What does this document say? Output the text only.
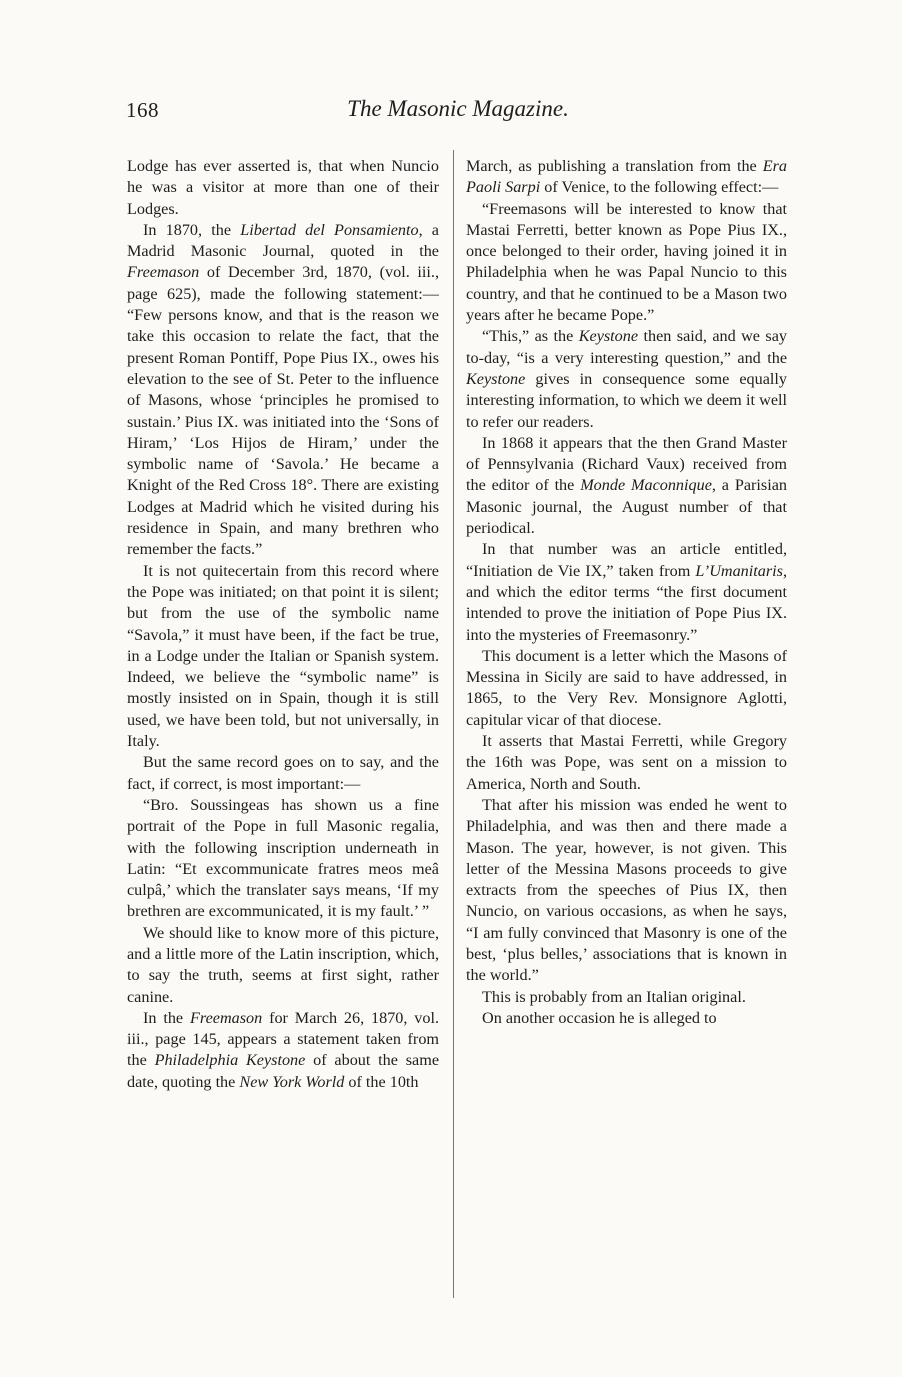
168	The Masonic Magazine.

Lodge has ever asserted is, that when Nuncio he was a visitor at more than one of their Lodges.

In 1870, the Libertad del Ponsamiento, a Madrid Masonic Journal, quoted in the Freemason of December 3rd, 1870, (vol. iii., page 625), made the following statement:— “Few persons know, and that is the reason we take this occasion to relate the fact, that the present Roman Pontiff, Pope Pius IX., owes his elevation to the see of St. Peter to the influence of Masons, whose ‘principles he promised to sustain.’ Pius IX. was initiated into the ‘Sons of Hiram,’ ‘Los Hijos de Hiram,’ under the symbolic name of ‘Savola.’ He became a Knight of the Red Cross 18°. There are existing Lodges at Madrid which he visited during his residence in Spain, and many brethren who remember the facts.”

It is not quitecertain from this record where the Pope was initiated; on that point it is silent; but from the use of the symbolic name “Savola,” it must have been, if the fact be true, in a Lodge under the Italian or Spanish system. Indeed, we believe the “symbolic name” is mostly insisted on in Spain, though it is still used, we have been told, but not universally, in Italy.

But the same record goes on to say, and the fact, if correct, is most important:—

“Bro. Soussingeas has shown us a fine portrait of the Pope in full Masonic regalia, with the following inscription underneath in Latin: “Et excommunicate fratres meos meâ culpâ,’ which the translater says means, ‘If my brethren are excommunicated, it is my fault.’ ”

We should like to know more of this picture, and a little more of the Latin inscription, which, to say the truth, seems at first sight, rather canine.

In the Freemason for March 26, 1870, vol. iii., page 145, appears a statement taken from the Philadelphia Keystone of about the same date, quoting the New York World of the 10th

March, as publishing a translation from the Era Paoli Sarpi of Venice, to the following effect:—

“Freemasons will be interested to know that Mastai Ferretti, better known as Pope Pius IX., once belonged to their order, having joined it in Philadelphia when he was Papal Nuncio to this country, and that he continued to be a Mason two years after he became Pope.”

“This,” as the Keystone then said, and we say to-day, “is a very interesting question,” and the Keystone gives in consequence some equally interesting information, to which we deem it well to refer our readers.

In 1868 it appears that the then Grand Master of Pennsylvania (Richard Vaux) received from the editor of the Monde Maconnique, a Parisian Masonic journal, the August number of that periodical.

In that number was an article entitled, “Initiation de Vie IX,” taken from L’Umanitaris, and which the editor terms “the first document intended to prove the initiation of Pope Pius IX. into the mysteries of Freemasonry.”

This document is a letter which the Masons of Messina in Sicily are said to have addressed, in 1865, to the Very Rev. Monsignore Aglotti, capitular vicar of that diocese.

It asserts that Mastai Ferretti, while Gregory the 16th was Pope, was sent on a mission to America, North and South.

That after his mission was ended he went to Philadelphia, and was then and there made a Mason. The year, however, is not given. This letter of the Messina Masons proceeds to give extracts from the speeches of Pius IX, then Nuncio, on various occasions, as when he says, “I am fully convinced that Masonry is one of the best, ‘plus belles,’ associations that is known in the world.”

This is probably from an Italian original.

On another occasion he is alleged to
